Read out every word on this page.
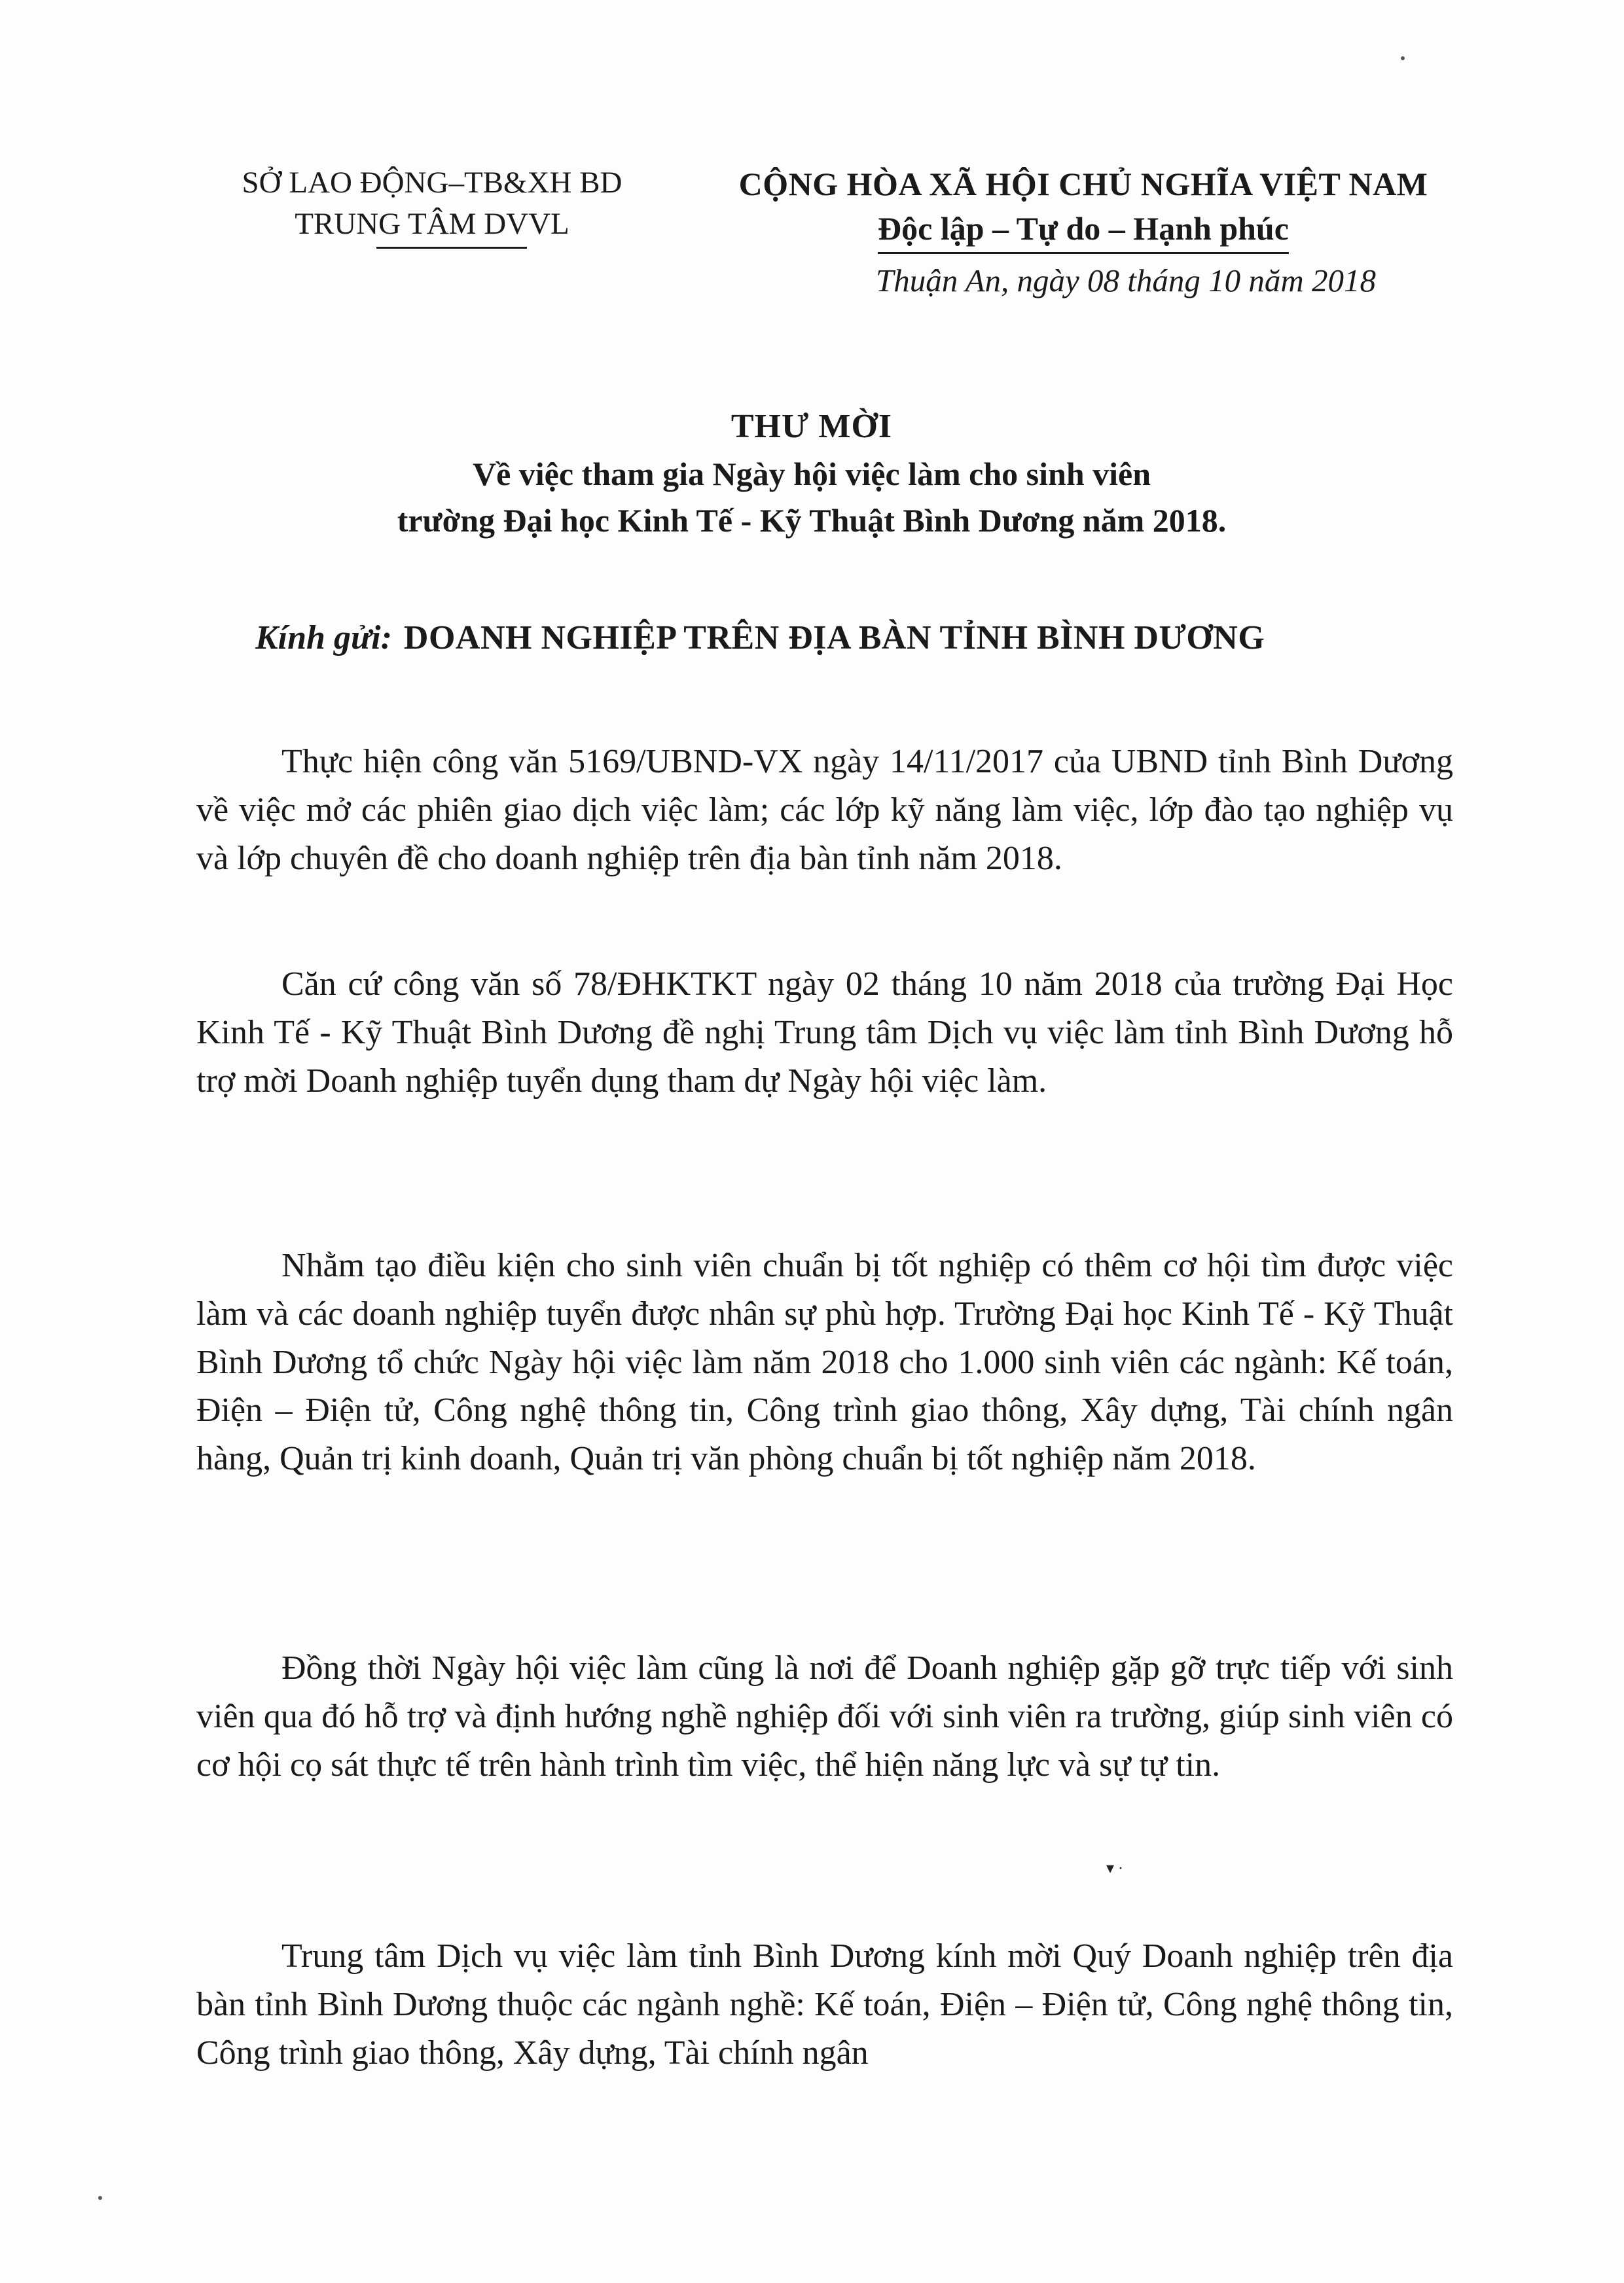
SỞ LAO ĐỘNG–TB&XH BD
TRUNG TÂM DVVL
CỘNG HÒA XÃ HỘI CHỦ NGHĨA VIỆT NAM
Độc lập – Tự do – Hạnh phúc
Thuận An, ngày 08 tháng 10 năm 2018
THƯ MỜI
Về việc tham gia Ngày hội việc làm cho sinh viên
trường Đại học Kinh Tế - Kỹ Thuật Bình Dương năm 2018.
Kính gửi: DOANH NGHIỆP TRÊN ĐỊA BÀN TỈNH BÌNH DƯƠNG

Thực hiện công văn 5169/UBND-VX ngày 14/11/2017 của UBND tỉnh Bình Dương về việc mở các phiên giao dịch việc làm; các lớp kỹ năng làm việc, lớp đào tạo nghiệp vụ và lớp chuyên đề cho doanh nghiệp trên địa bàn tỉnh năm 2018.

Căn cứ công văn số 78/ĐHKTKT ngày 02 tháng 10 năm 2018 của trường Đại Học Kinh Tế - Kỹ Thuật Bình Dương đề nghị Trung tâm Dịch vụ việc làm tỉnh Bình Dương hỗ trợ mời Doanh nghiệp tuyển dụng tham dự Ngày hội việc làm.

Nhằm tạo điều kiện cho sinh viên chuẩn bị tốt nghiệp có thêm cơ hội tìm được việc làm và các doanh nghiệp tuyển được nhân sự phù hợp. Trường Đại học Kinh Tế - Kỹ Thuật Bình Dương tổ chức Ngày hội việc làm năm 2018 cho 1.000 sinh viên các ngành: Kế toán, Điện – Điện tử, Công nghệ thông tin, Công trình giao thông, Xây dựng, Tài chính ngân hàng, Quản trị kinh doanh, Quản trị văn phòng chuẩn bị tốt nghiệp năm 2018.

Đồng thời Ngày hội việc làm cũng là nơi để Doanh nghiệp gặp gỡ trực tiếp với sinh viên qua đó hỗ trợ và định hướng nghề nghiệp đối với sinh viên ra trường, giúp sinh viên có cơ hội cọ sát thực tế trên hành trình tìm việc, thể hiện năng lực và sự tự tin.

Trung tâm Dịch vụ việc làm tỉnh Bình Dương kính mời Quý Doanh nghiệp trên địa bàn tỉnh Bình Dương thuộc các ngành nghề: Kế toán, Điện – Điện tử, Công nghệ thông tin, Công trình giao thông, Xây dựng, Tài chính ngân

▾ ·
